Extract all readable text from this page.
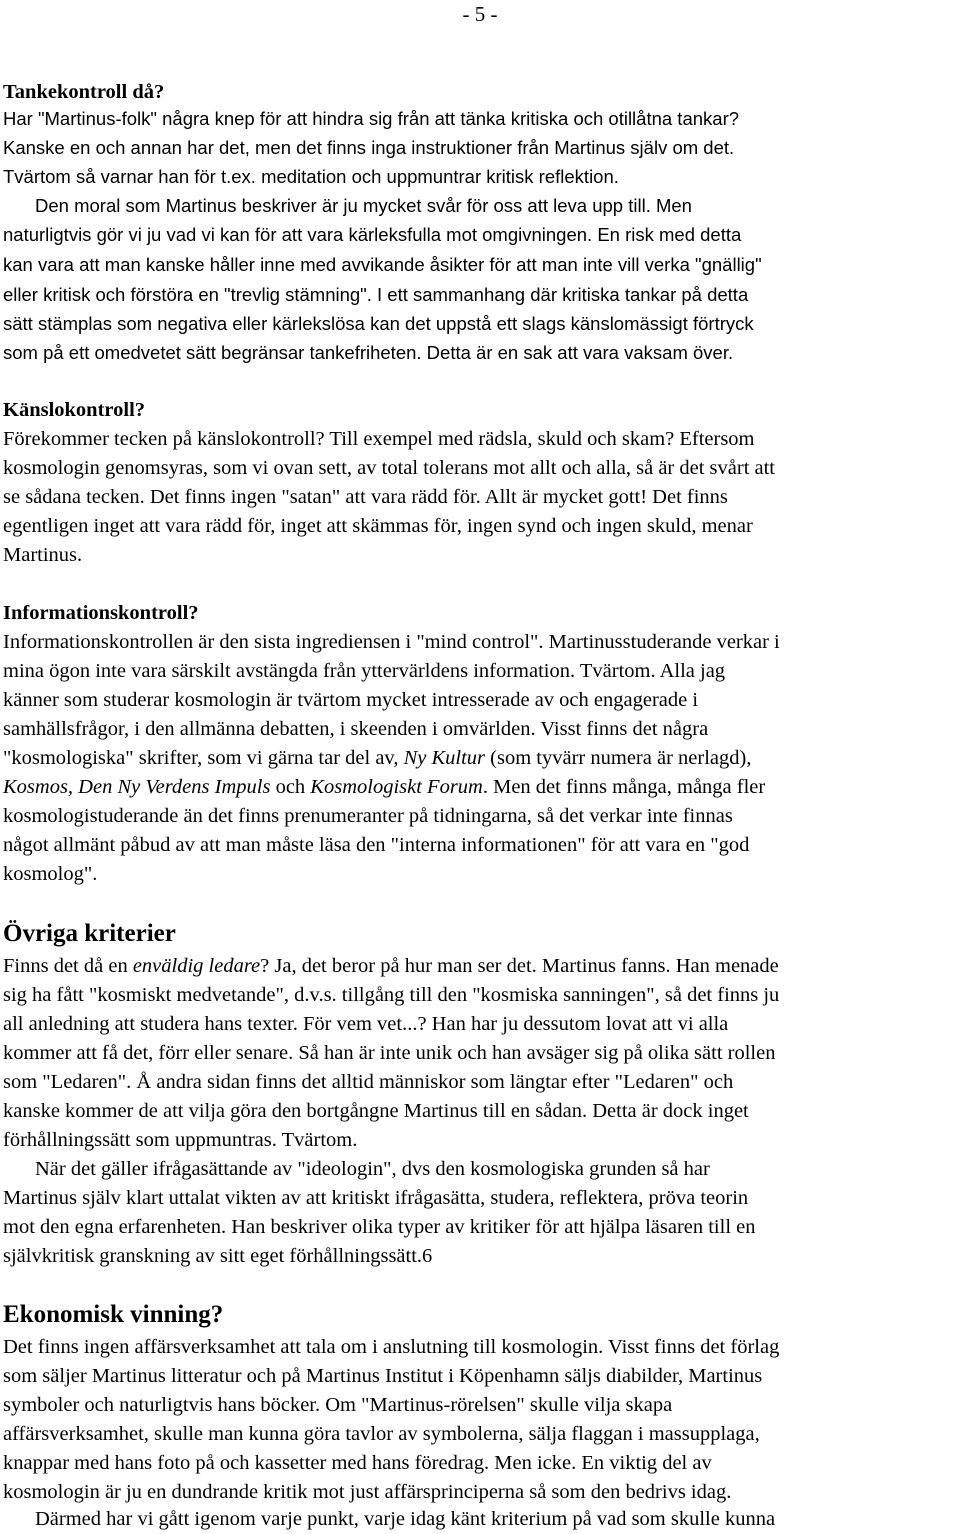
- 5 -
Tankekontroll då?
Har "Martinus-folk" några knep för att hindra sig från att tänka kritiska och otillåtna tankar?
Kanske en och annan har det, men det finns inga instruktioner från Martinus själv om det.
Tvärtom så varnar han för t.ex. meditation och uppmuntrar kritisk reflektion.
Den moral som Martinus beskriver är ju mycket svår för oss att leva upp till. Men
naturligtvis gör vi ju vad vi kan för att vara kärleksfulla mot omgivningen. En risk med detta
kan vara att man kanske håller inne med avvikande åsikter för att man inte vill verka "gnällig"
eller kritisk och förstöra en "trevlig stämning". I ett sammanhang där kritiska tankar på detta
sätt stämplas som negativa eller kärlekslösa kan det uppstå ett slags känslomässigt förtryck
som på ett omedvetet sätt begränsar tankefriheten. Detta är en sak att vara vaksam över.
Känslokontroll?
Förekommer tecken på känslokontroll? Till exempel med rädsla, skuld och skam? Eftersom
kosmologin genomsyras, som vi ovan sett, av total tolerans mot allt och alla, så är det svårt att
se sådana tecken. Det finns ingen "satan" att vara rädd för. Allt är mycket gott! Det finns
egentligen inget att vara rädd för, inget att skämmas för, ingen synd och ingen skuld, menar
Martinus.
Informationskontroll?
Informationskontrollen är den sista ingrediensen i "mind control". Martinusstuderande verkar i
mina ögon inte vara särskilt avstängda från yttervärldens information. Tvärtom. Alla jag
känner som studerar kosmologin är tvärtom mycket intresserade av och engagerade i
samhällsfrågor, i den allmänna debatten, i skeenden i omvärlden. Visst finns det några
"kosmologiska" skrifter, som vi gärna tar del av, Ny Kultur (som tyvärr numera är nerlagd),
Kosmos, Den Ny Verdens Impuls och Kosmologiskt Forum. Men det finns många, många fler
kosmologistuderande än det finns prenumeranter på tidningarna, så det verkar inte finnas
något allmänt påbud av att man måste läsa den "interna informationen" för att vara en "god
kosmolog".
Övriga kriterier
Finns det då en enväldig ledare? Ja, det beror på hur man ser det. Martinus fanns. Han menade
sig ha fått "kosmiskt medvetande", d.v.s. tillgång till den "kosmiska sanningen", så det finns ju
all anledning att studera hans texter. För vem vet...? Han har ju dessutom lovat att vi alla
kommer att få det, förr eller senare. Så han är inte unik och han avsäger sig på olika sätt rollen
som "Ledaren". Å andra sidan finns det alltid människor som längtar efter "Ledaren" och
kanske kommer de att vilja göra den bortgångne Martinus till en sådan. Detta är dock inget
förhållningssätt som uppmuntras. Tvärtom.
När det gäller ifrågasättande av "ideologin", dvs den kosmologiska grunden så har
Martinus själv klart uttalat vikten av att kritiskt ifrågasätta, studera, reflektera, pröva teorin
mot den egna erfarenheten. Han beskriver olika typer av kritiker för att hjälpa läsaren till en
självkritisk granskning av sitt eget förhållningssätt.6
Ekonomisk vinning?
Det finns ingen affärsverksamhet att tala om i anslutning till kosmologin. Visst finns det förlag
som säljer Martinus litteratur och på Martinus Institut i Köpenhamn säljs diabilder, Martinus
symboler och naturligtvis hans böcker. Om "Martinus-rörelsen" skulle vilja skapa
affärsverksamhet, skulle man kunna göra tavlor av symbolerna, sälja flaggan i massupplaga,
knappar med hans foto på och kassetter med hans föredrag. Men icke. En viktig del av
kosmologin är ju en dundrande kritik mot just affärsprinciperna så som den bedrivs idag.
Därmed har vi gått igenom varje punkt, varje idag känt kriterium på vad som skulle kunna
